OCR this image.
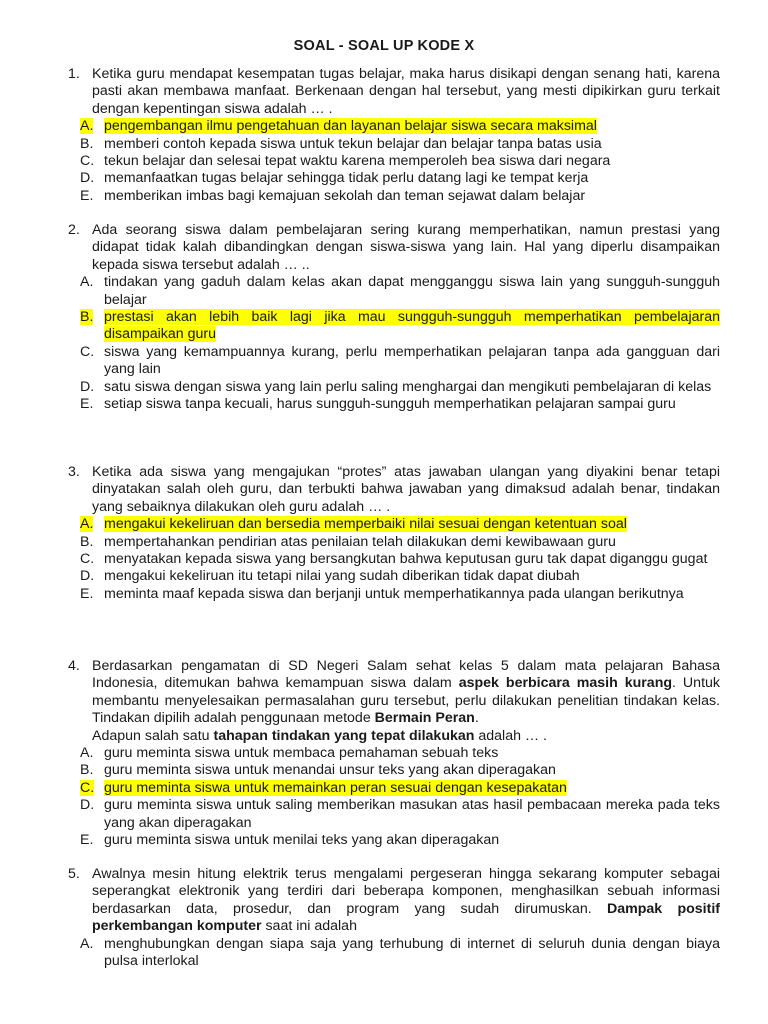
SOAL - SOAL UP KODE X
1. Ketika guru mendapat kesempatan tugas belajar, maka harus disikapi dengan senang hati, karena pasti akan membawa manfaat. Berkenaan dengan hal tersebut, yang mesti dipikirkan guru terkait dengan kepentingan siswa adalah … .
A. pengembangan ilmu pengetahuan dan layanan belajar siswa secara maksimal
B. memberi contoh kepada siswa untuk tekun belajar dan belajar tanpa batas usia
C. tekun belajar dan selesai tepat waktu karena memperoleh bea siswa dari negara
D. memanfaatkan tugas belajar sehingga tidak perlu datang lagi ke tempat kerja
E. memberikan imbas bagi kemajuan sekolah dan teman sejawat dalam belajar
2. Ada seorang siswa dalam pembelajaran sering kurang memperhatikan, namun prestasi yang didapat tidak kalah dibandingkan dengan siswa-siswa yang lain. Hal yang diperlu disampaikan kepada siswa tersebut adalah … ..
A. tindakan yang gaduh dalam kelas akan dapat mengganggu siswa lain yang sungguh-sungguh belajar
B. prestasi akan lebih baik lagi jika mau sungguh-sungguh memperhatikan pembelajaran disampaikan guru
C. siswa yang kemampuannya kurang, perlu memperhatikan pelajaran tanpa ada gangguan dari yang lain
D. satu siswa dengan siswa yang lain perlu saling menghargai dan mengikuti pembelajaran di kelas
E. setiap siswa tanpa kecuali, harus sungguh-sungguh memperhatikan pelajaran sampai guru
3. Ketika ada siswa yang mengajukan “protes” atas jawaban ulangan yang diyakini benar tetapi dinyatakan salah oleh guru, dan terbukti bahwa jawaban yang dimaksud adalah benar, tindakan yang sebaiknya dilakukan oleh guru adalah … .
A. mengakui kekeliruan dan bersedia memperbaiki nilai sesuai dengan ketentuan soal
B. mempertahankan pendirian atas penilaian telah dilakukan demi kewibawaan guru
C. menyatakan kepada siswa yang bersangkutan bahwa keputusan guru tak dapat diganggu gugat
D. mengakui kekeliruan itu tetapi nilai yang sudah diberikan tidak dapat diubah
E. meminta maaf kepada siswa dan berjanji untuk memperhatikannya pada ulangan berikutnya
4. Berdasarkan pengamatan di SD Negeri Salam sehat kelas 5 dalam mata pelajaran Bahasa Indonesia, ditemukan bahwa kemampuan siswa dalam aspek berbicara masih kurang. Untuk membantu menyelesaikan permasalahan guru tersebut, perlu dilakukan penelitian tindakan kelas. Tindakan dipilih adalah penggunaan metode Bermain Peran.
Adapun salah satu tahapan tindakan yang tepat dilakukan adalah … .
A. guru meminta siswa untuk membaca pemahaman sebuah teks
B. guru meminta siswa untuk menandai unsur teks yang akan diperagakan
C. guru meminta siswa untuk memainkan peran sesuai dengan kesepakatan
D. guru meminta siswa untuk saling memberikan masukan atas hasil pembacaan mereka pada teks yang akan diperagakan
E. guru meminta siswa untuk menilai teks yang akan diperagakan
5. Awalnya mesin hitung elektrik terus mengalami pergeseran hingga sekarang komputer sebagai seperangkat elektronik yang terdiri dari beberapa komponen, menghasilkan sebuah informasi berdasarkan data, prosedur, dan program yang sudah dirumuskan. Dampak positif perkembangan komputer saat ini adalah
A. menghubungkan dengan siapa saja yang terhubung di internet di seluruh dunia dengan biaya pulsa interlokal
